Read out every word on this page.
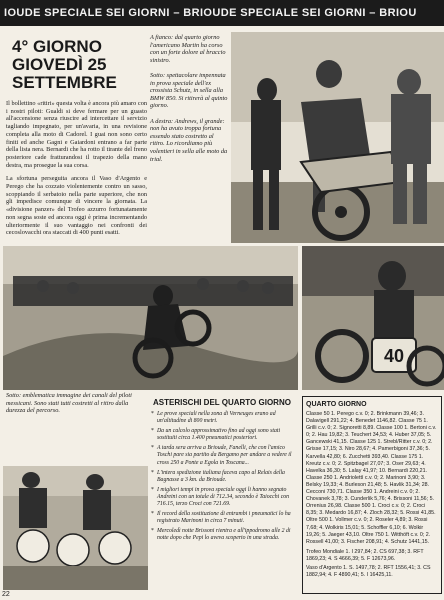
IOUDE SPECIALE SEI GIORNI – BRIOUDE SPECIALE SEI GIORNI – BRIOU
4° GIORNO
GIOVEDÌ 25
SETTEMBRE

Il bollettino «ritiri» questa volta è ancora più amaro con i nostri piloti: Gualdi si deve fermare per un guasto all'accensione senza riuscire ad intercettare il servizio tagliando impegnato, per un'avaria, in una revisione completa alla moto di Cadorel. I guai non sono certo finiti ed anche Gagni e Gaiardoni entrano a far parte della lista nera. Bernardi che ha rotto il tirante del freno posteriore cade fratturandosi il trapezio della mano destra, ma prosegue la sua corsa.

La sfortuna perseguita ancora il Vaso d'Argento e Perego che ha cozzato violentemente contro un sasso, scoppiando il serbatoio nella parte superiore, che non gli impedisce comunque di vincere la giornata. La «divisione panzer» del Trofeo azzurro fortunatamente non segna soste ed ancora oggi è prima incrementando ulteriormente il suo vantaggio nei confronti dei cecoslovacchi ora staccati di 400 punti esatti.

A fianco: dal quarto giorno l'americano Martin ha corso con un forte dolore al braccio sinistro.

Sotto: spettacolare impennata in prova speciale dell'ex crossista Schutz, in sella alla BMW 850. Si ritirerà al quinto giorno.

A destra: Andrews, il grande: non ha avuto troppa fortuna essendo stato costretto al ritiro. Lo ricordiamo più volentieri in sella alle moto da trial.
40
Sotto: emblematica immagine dei canali del piloti messicani. Sono stati tutti costretti al ritiro dalla durezza del percorso.
ASTERISCHI DEL QUARTO GIORNO
* Le prove speciali nella zona di Verneuges erano ad un'altitudine di 800 metri.
* Da un calcolo approssimativo fino ad oggi sono stati sostituiti circa 1.400 pneumatici posteriori.
* A tarda sera arriva a Brioude, Fanelli, che con l'amico Toschi pare sia partito da Bergamo per andare a vedere il cross 250 a Ponte a Egola in Toscana...
* L'intera spedizione italiana faceva capo al Relais della Bagnasse a 3 km. da Brioude.
* I migliori tempi in prova speciale oggi li hanno segnato Andreini con un totale di 712.34, secondo è Taiocchi con 716.15, terzo Croci con 721.69.
* Il record della sostituzione di entrambi i pneumatici lo ha registrato Marinoni in circa 7 minuti.
* Mercoledì notte Brissoni rientra e all'ippodromo alle 2 di notte dopo che Pepi lo aveva scoperto in una strada.
QUARTO GIORNO
Classe 50 1. Perego c.v. 0; 2. Brinkmann 39,46; 3. Dalavigell 291,22; 4. Benedet 1146,82. Classe 75 1. Grilli c.v. 0; 2. Signoretti 8,89. Classe 100 1. Bertoni c.v. 0; 2. Hau 19,82; 3. Teuchert 34,53; 4. Huber 37,05; 5. Gancewski 41,15. Classe 125 1. Strebl/Ritter c.v. 0; 2. Grisse 17,15; 3. Niro 28,67; 4. Pamerbigoni 37,36; 5. Karvella 42,80; 6. Zucchetti 393,40. Classe 175 1. Kreutz c.v. 0; 2. Spitzbagel 27,07; 3. Oser 29,63; 4. Havelka 36,30; 5. Lalay 41,97; 10. Bernardi 220,21. Classe 250 1. Andriolettì c.v. 0; 2. Marinoni 3,90; 3. Belsky 19,33; 4. Burleson 21,48; 5. Havlik 31,34; 28. Cecconi 730,71. Classe 350 1. Andreini c.v. 0; 2. Chovanek 3,78; 3. Cunderlik 5,76; 4. Brissoni 11,56; 5. Orrenius 26,98. Classe 500 1. Croci c.v. 0; 2. Croci 8,35; 3. Medardo 16,87; 4. Zloch 28,32; 5. Rossi 41,85. Oltre 500 1. Vollmer c.v. 0; 2. Roseler 4,89; 3. Rossi 7,68; 4. Wolkiris 15,01; 5. Schoffler 6,10; 6. Wolkir 19,26; 5. Jaeger 43,10. Oltre 750 1. Witthöft c.v. 0; 2. Rossell 41,00; 3. Fischer 208,91; 4. Schutz 1441,15.
Trofeo Mondiale 1. I 297,84; 2. CS 697,38; 3. RFT 1869,23; 4. S 4666,39; 5. F 12673,96.
Vaso d'Argento 1. S. 1497,78; 2. RFT 1556,41; 3. CS 1882,94; 4. F 4890,41; 5. I 16425,11.
22
